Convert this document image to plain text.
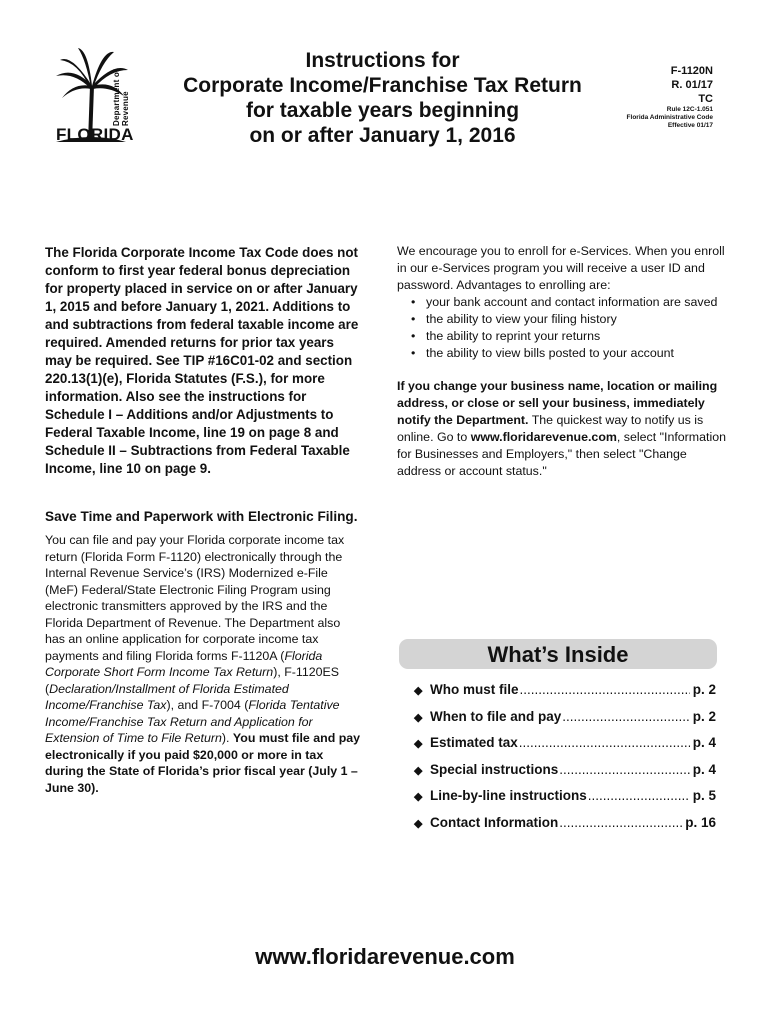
Department of Revenue
FLORIDA
Instructions for
Corporate Income/Franchise Tax Return
for taxable years beginning
on or after January 1, 2016
F-1120N
R. 01/17
TC
Rule 12C-1.051
Florida Administrative Code
Effective 01/17
The Florida Corporate Income Tax Code does not conform to first year federal bonus depreciation for property placed in service on or after January 1, 2015 and before January 1, 2021. Additions to and subtractions from federal taxable income are required. Amended returns for prior tax years may be required. See TIP #16C01-02 and section 220.13(1)(e), Florida Statutes (F.S.), for more information. Also see the instructions for Schedule I – Additions and/or Adjustments to Federal Taxable Income, line 19 on page 8 and Schedule II – Subtractions from Federal Taxable Income, line 10 on page 9.
Save Time and Paperwork with Electronic Filing.
You can file and pay your Florida corporate income tax return (Florida Form F-1120) electronically through the Internal Revenue Service’s (IRS) Modernized e-File (MeF) Federal/State Electronic Filing Program using electronic transmitters approved by the IRS and the Florida Department of Revenue. The Department also has an online application for corporate income tax payments and filing Florida forms F-1120A (Florida Corporate Short Form Income Tax Return), F-1120ES (Declaration/Installment of Florida Estimated Income/Franchise Tax), and F-7004 (Florida Tentative Income/Franchise Tax Return and Application for Extension of Time to File Return). You must file and pay electronically if you paid $20,000 or more in tax during the State of Florida’s prior fiscal year (July 1 – June 30).
We encourage you to enroll for e-Services. When you enroll in our e-Services program you will receive a user ID and password. Advantages to enrolling are:
• your bank account and contact information are saved
• the ability to view your filing history
• the ability to reprint your returns
• the ability to view bills posted to your account
If you change your business name, location or mailing address, or close or sell your business, immediately notify the Department. The quickest way to notify us is online. Go to www.floridarevenue.com, select "Information for Businesses and Employers," then select "Change address or account status."
What’s Inside
◆ Who must file .....	p. 2
◆ When to file and pay .....	p. 2
◆ Estimated tax .....	p. 4
◆ Special instructions .....	p. 4
◆ Line-by-line instructions .....	p. 5
◆ Contact Information .....	p. 16
www.floridarevenue.com
